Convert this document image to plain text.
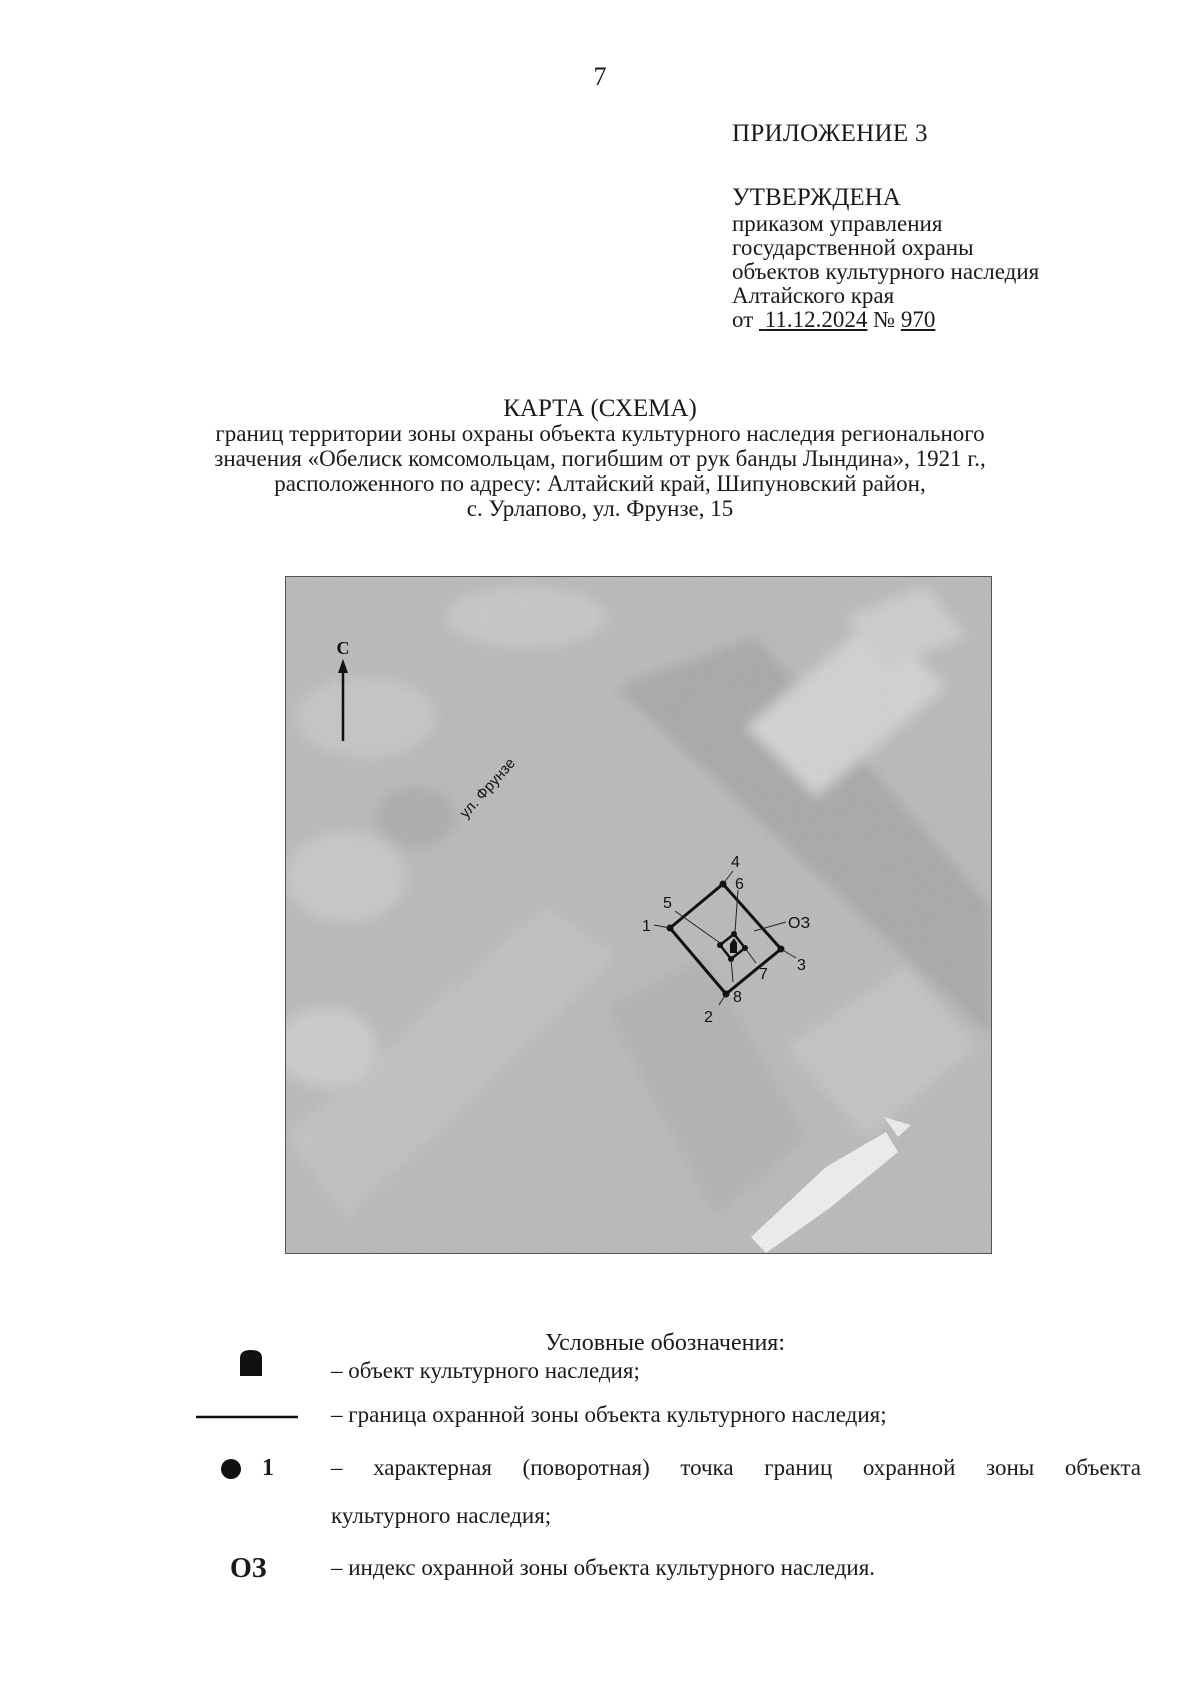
7
ПРИЛОЖЕНИЕ 3
УТВЕРЖДЕНА
приказом управления
государственной охраны
объектов культурного наследия
Алтайского края
от 11.12.2024 № 970
КАРТА (СХЕМА)
границ территории зоны охраны объекта культурного наследия регионального
значения «Обелиск комсомольцам, погибшим от рук банды Лындина», 1921 г.,
расположенного по адресу: Алтайский край, Шипуновский район,
с. Урлапово, ул. Фрунзе, 15
С
ул. Фрунзе
1
2
3
4
5
6
7
8
ОЗ
Условные обозначения:
– объект культурного наследия;
– граница охранной зоны объекта культурного наследия;
1 – характерная (поворотная) точка границ охранной зоны объекта
культурного наследия;
ОЗ	– индекс охранной зоны объекта культурного наследия.
